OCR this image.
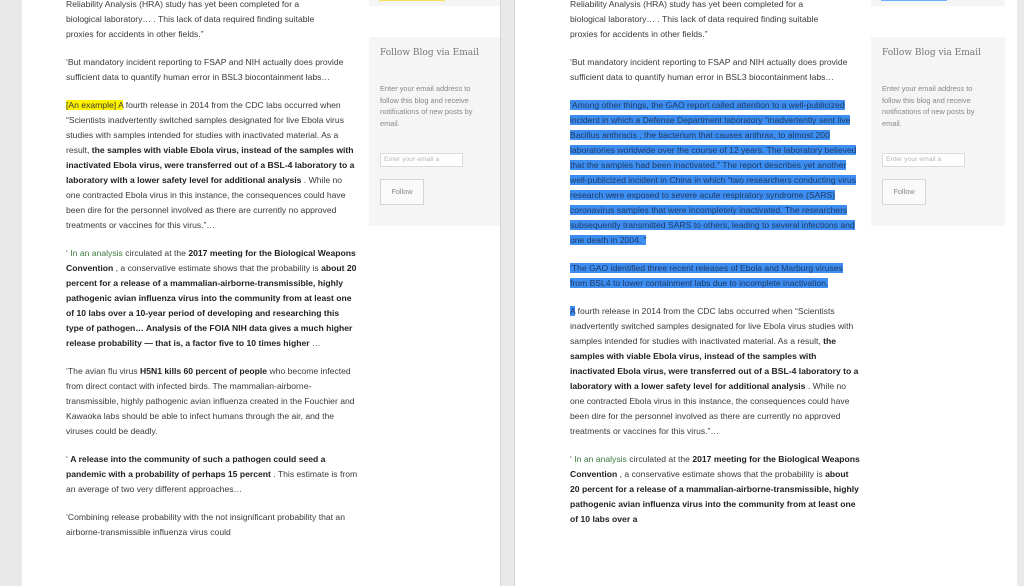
Reliability Analysis (HRA) study has yet been completed for a
biological laboratory… . This lack of data required finding suitable
proxies for accidents in other fields.”

‘But mandatory incident reporting to FSAP and NIH actually does provide sufficient data to quantify human error in BSL3 biocontainment labs…

[An example] A fourth release in 2014 from the CDC labs occurred when “Scientists inadvertently switched samples designated for live Ebola virus studies with samples intended for studies with inactivated material. As a result, the samples with viable Ebola virus, instead of the samples with inactivated Ebola virus, were transferred out of a BSL-4 laboratory to a laboratory with a lower safety level for additional analysis . While no one contracted Ebola virus in this instance, the consequences could have been dire for the personnel involved as there are currently no approved treatments or vaccines for this virus.”…

‘ In an analysis circulated at the 2017 meeting for the Biological Weapons Convention , a conservative estimate shows that the probability is about 20 percent for a release of a mammalian-airborne-transmissible, highly pathogenic avian influenza virus into the community from at least one of 10 labs over a 10-year period of developing and researching this type of pathogen… Analysis of the FOIA NIH data gives a much higher release probability — that is, a factor five to 10 times higher …

‘The avian flu virus H5N1 kills 60 percent of people who become infected from direct contact with infected birds. The mammalian-airborne-transmissible, highly pathogenic avian influenza created in the Fouchier and Kawaoka labs should be able to infect humans through the air, and the viruses could be deadly.

‘ A release into the community of such a pathogen could seed a pandemic with a probability of perhaps 15 percent . This estimate is from an average of two very different approaches…

‘Combining release probability with the not insignificant probability that an airborne-transmissible influenza virus could

Follow Blog via Email
Enter your email address to follow this blog and receive notifications of new posts by email.
Enter your email a
Follow

Reliability Analysis (HRA) study has yet been completed for a
biological laboratory… . This lack of data required finding suitable
proxies for accidents in other fields.”

‘But mandatory incident reporting to FSAP and NIH actually does provide sufficient data to quantify human error in BSL3 biocontainment labs…

‘Among other things, the GAO report called attention to a well-publicized incident in which a Defense Department laboratory “inadvertently sent live Bacillus anthracis , the bacterium that causes anthrax, to almost 200 laboratories worldwide over the course of 12 years. The laboratory believed that the samples had been inactivated.” The report describes yet another well-publicized incident in China in which “two researchers conducting virus research were exposed to severe acute respiratory syndrome (SARS) coronavirus samples that were incompletely inactivated. The researchers subsequently transmitted SARS to others, leading to several infections and one death in 2004. ”

‘The GAO identified three recent releases of Ebola and Marburg viruses from BSL4 to lower containment labs due to incomplete inactivation.

A fourth release in 2014 from the CDC labs occurred when “Scientists inadvertently switched samples designated for live Ebola virus studies with samples intended for studies with inactivated material. As a result, the samples with viable Ebola virus, instead of the samples with inactivated Ebola virus, were transferred out of a BSL-4 laboratory to a laboratory with a lower safety level for additional analysis . While no one contracted Ebola virus in this instance, the consequences could have been dire for the personnel involved as there are currently no approved treatments or vaccines for this virus.”…

‘ In an analysis circulated at the 2017 meeting for the Biological Weapons Convention , a conservative estimate shows that the probability is about 20 percent for a release of a mammalian-airborne-transmissible, highly pathogenic avian influenza virus into the community from at least one of 10 labs over a

Follow Blog via Email
Enter your email address to follow this blog and receive notifications of new posts by email.
Enter your email a
Follow
